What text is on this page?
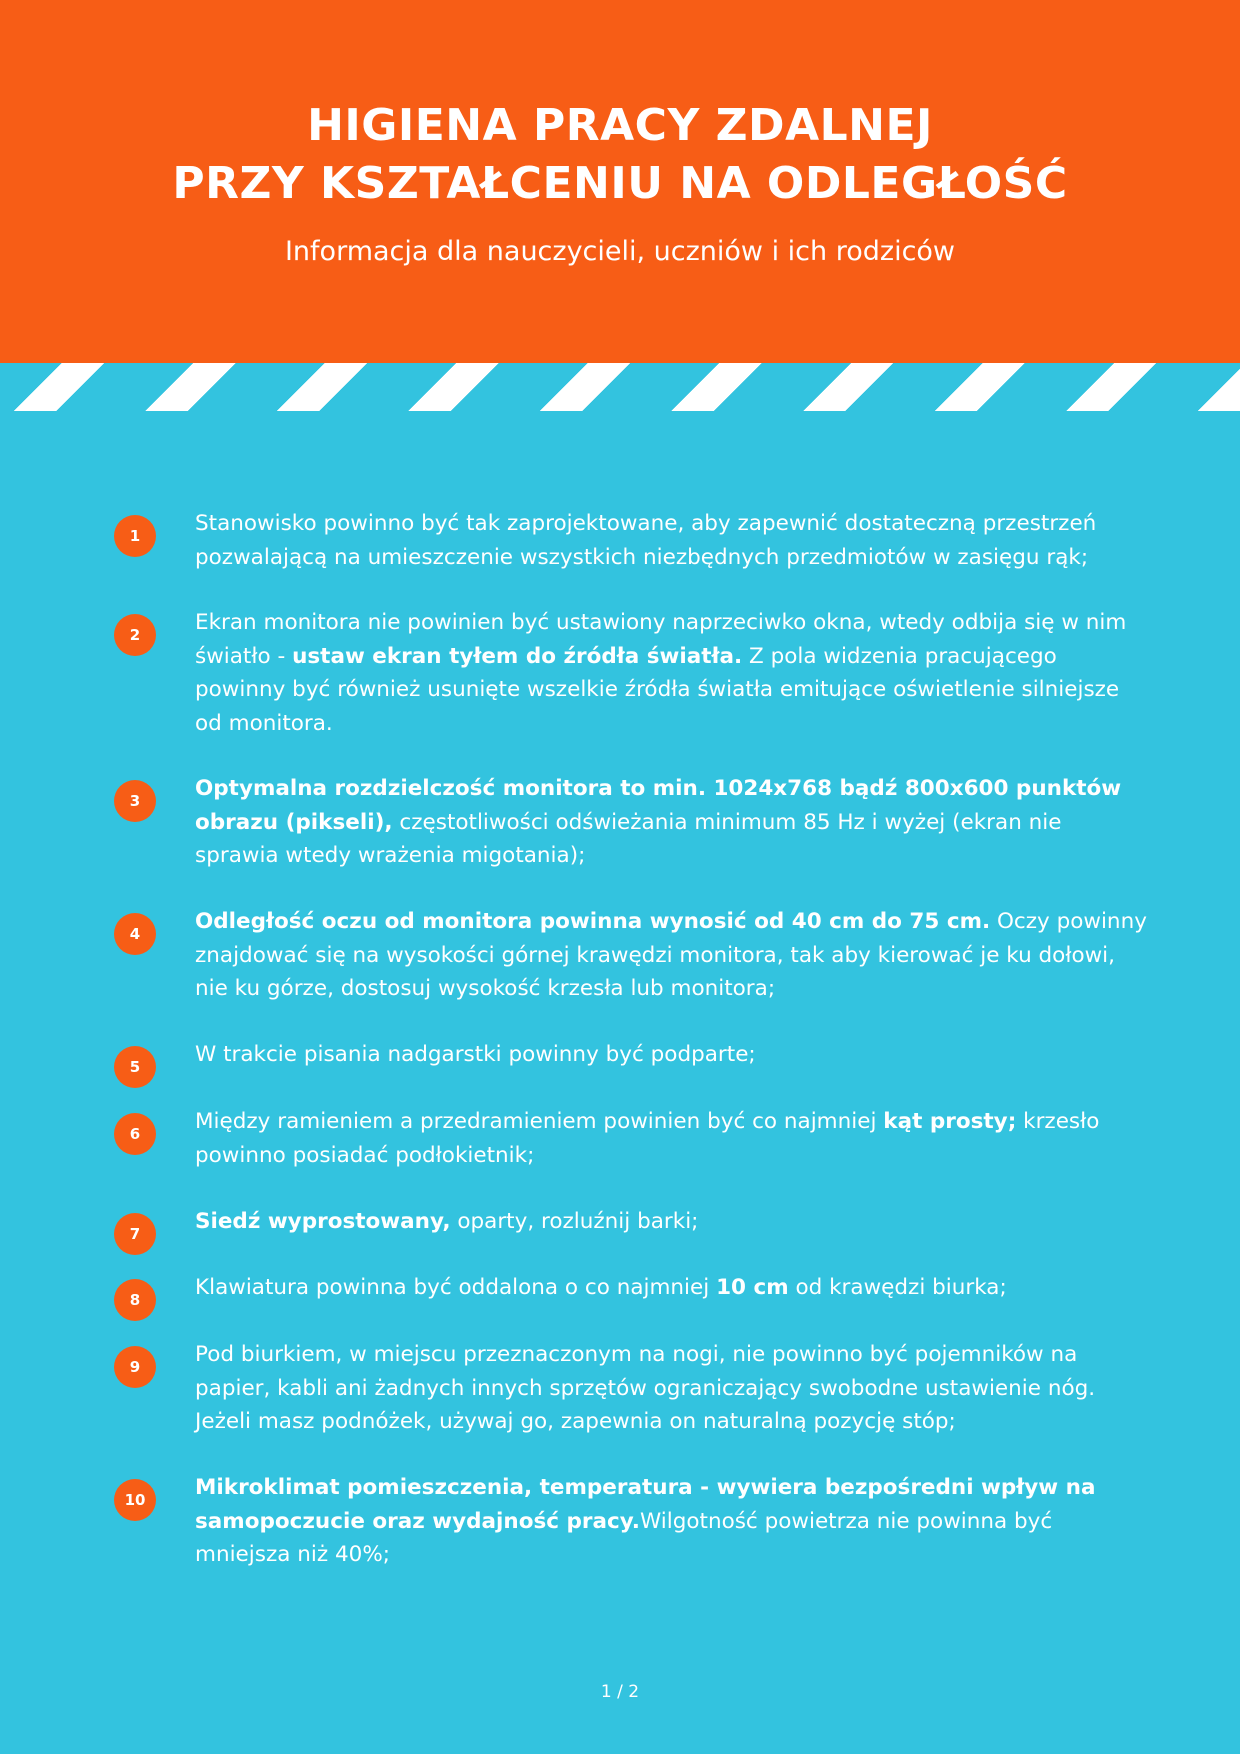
HIGIENA PRACY ZDALNEJ
PRZY KSZTAŁCENIU NA ODLEGŁOŚĆ
Informacja dla nauczycieli, uczniów i ich rodziców
1	Stanowisko powinno być tak zaprojektowane, aby zapewnić dostateczną przestrzeń pozwalającą na umieszczenie wszystkich niezbędnych przedmiotów w zasięgu rąk;
2	Ekran monitora nie powinien być ustawiony naprzeciwko okna, wtedy odbija się w nim światło - ustaw ekran tyłem do źródła światła. Z pola widzenia pracującego powinny być również usunięte wszelkie źródła światła emitujące oświetlenie silniejsze od monitora.
3	Optymalna rozdzielczość monitora to min. 1024x768 bądź 800x600 punktów obrazu (pikseli), częstotliwości odświeżania minimum 85 Hz i wyżej (ekran nie sprawia wtedy wrażenia migotania);
4	Odległość oczu od monitora powinna wynosić od 40 cm do 75 cm. Oczy powinny znajdować się na wysokości górnej krawędzi monitora, tak aby kierować je ku dołowi, nie ku górze, dostosuj wysokość krzesła lub monitora;
5	W trakcie pisania nadgarstki powinny być podparte;
6	Między ramieniem a przedramieniem powinien być co najmniej kąt prosty; krzesło powinno posiadać podłokietnik;
7	Siedź wyprostowany, oparty, rozluźnij barki;
8	Klawiatura powinna być oddalona o co najmniej 10 cm od krawędzi biurka;
9	Pod biurkiem, w miejscu przeznaczonym na nogi, nie powinno być pojemników na papier, kabli ani żadnych innych sprzętów ograniczający swobodne ustawienie nóg. Jeżeli masz podnóżek, używaj go, zapewnia on naturalną pozycję stóp;
10	Mikroklimat pomieszczenia, temperatura - wywiera bezpośredni wpływ na samopoczucie oraz wydajność pracy.Wilgotność powietrza nie powinna być mniejsza niż 40%;
1 / 2
